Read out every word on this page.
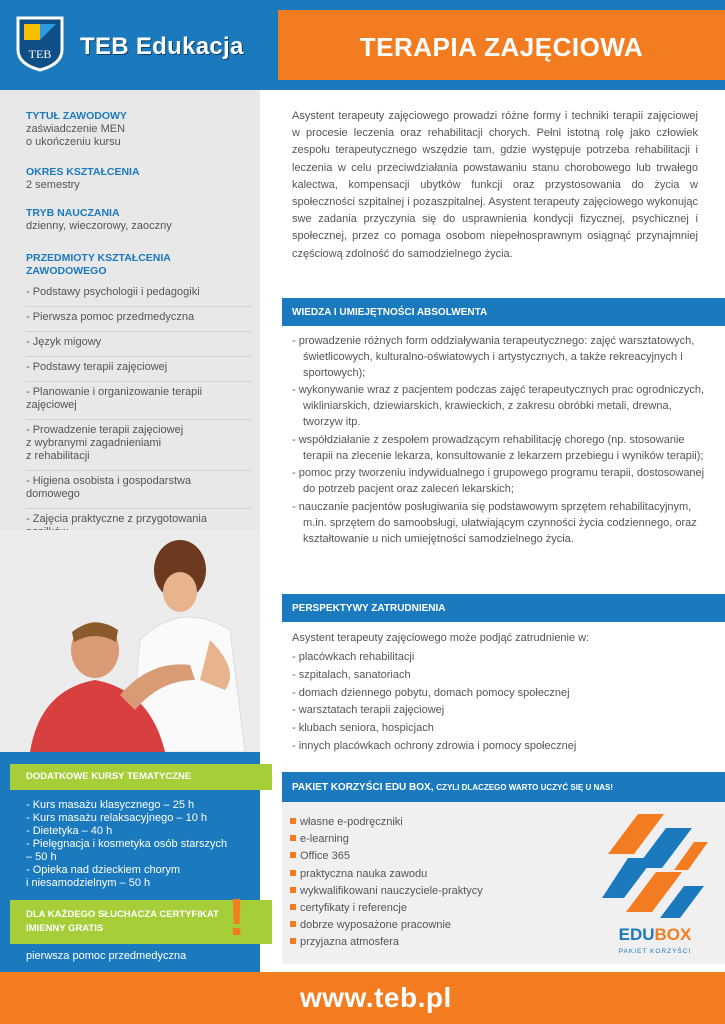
TEB TEB Edukacja	TERAPIA ZAJĘCIOWA
TYTUŁ ZAWODOWY
zaświadczenie MEN
o ukończeniu kursu
OKRES KSZTAŁCENIA
2 semestry
TRYB NAUCZANIA
dzienny, wieczorowy, zaoczny
PRZEDMIOTY KSZTAŁCENIA
ZAWODOWEGO
- Podstawy psychologii i pedagogiki
- Pierwsza pomoc przedmedyczna
- Język migowy
- Podstawy terapii zajęciowej
- Planowanie i organizowanie terapii
zajęciowej
- Prowadzenie terapii zajęciowej
z wybranymi zagadnieniami
z rehabilitacji
- Higiena osobista i gospodarstwa
domowego
- Zajęcia praktyczne z przygotowania

DODATKOWE KURSY TEMATYCZNE
- Kurs masażu klasycznego – 25 h
- Kurs masażu relaksacyjnego – 10 h
- Dietetyka – 40 h
- Pielęgnacja i kosmetyka osób starszych
– 50 h
- Opieka nad dzieckiem chorym
i niesamodzielnym – 50 h
DLA KAŻDEGO SŁUCHACZA CERTYFIKAT
IMIENNY GRATIS	!
pierwsza pomoc przedmedyczna
Asystent terapeuty zajęciowego prowadzi różne formy i techniki terapii zajęciowej w procesie leczenia oraz rehabilitacji chorych. Pełni istotną rolę jako człowiek zespołu terapeutycznego wszędzie tam, gdzie występuje potrzeba rehabilitacji i leczenia w celu przeciwdziałania powstawaniu stanu chorobowego lub trwałego kalectwa, kompensacji ubytków funkcji oraz przystosowania do życia w społeczności szpitalnej i pozaszpitalnej. Asystent terapeuty zajęciowego wykonując swe zadania przyczynia się do usprawnienia kondycji fizycznej, psychicznej i społecznej, przez co pomaga osobom niepełnosprawnym osiągnąć przynajmniej częściową zdolność do samodzielnego życia.
WIEDZA I UMIEJĘTNOŚCI ABSOLWENTA
- prowadzenie różnych form oddziaływania terapeutycznego: zajęć warsztatowych, świetlicowych, kulturalno-oświatowych i artystycznych, a także rekreacyjnych i sportowych);
- wykonywanie wraz z pacjentem podczas zajęć terapeutycznych prac ogrodniczych, wikliniarskich, dziewiarskich, krawieckich, z zakresu obróbki metali, drewna, tworzyw itp.
- współdziałanie z zespołem prowadzącym rehabilitację chorego (np. stosowanie terapii na zlecenie lekarza, konsultowanie z lekarzem przebiegu i wyników terapii);
- pomoc przy tworzeniu indywidualnego i grupowego programu terapii, dostosowanej do potrzeb pacjent oraz zaleceń lekarskich;
- nauczanie pacjentów posługiwania się podstawowym sprzętem rehabilitacyjnym, m.in. sprzętem do samoobsługi, ułatwiającym czynności życia codziennego, oraz kształtowanie u nich umiejętności samodzielnego życia.
PERSPEKTYWY ZATRUDNIENIA
Asystent terapeuty zajęciowego może podjąć zatrudnienie w:
- placówkach rehabilitacji
- szpitalach, sanatoriach
- domach dziennego pobytu, domach pomocy społecznej
- warsztatach terapii zajęciowej
- klubach seniora, hospicjach
- innych placówkach ochrony zdrowia i pomocy społecznej
PAKIET KORZYŚCI EDU BOX, CZYLI DLACZEGO WARTO UCZYĆ SIĘ U NAS!
własne e-podręczniki
e-learning
Office 365
praktyczna nauka zawodu
wykwalifikowani nauczyciele-praktycy
certyfikaty i referencje
dobrze wyposażone pracownie
przyjazna atmosfera	EDUBOX
PAKIET KORZYŚCI
www.teb.pl
